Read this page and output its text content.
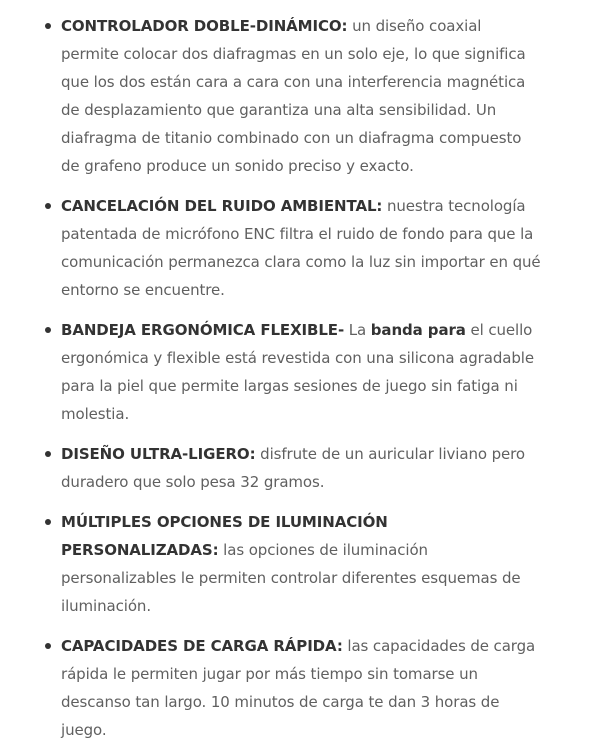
CONTROLADOR DOBLE-DINÁMICO: un diseño coaxial permite colocar dos diafragmas en un solo eje, lo que significa que los dos están cara a cara con una interferencia magnética de desplazamiento que garantiza una alta sensibilidad. Un diafragma de titanio combinado con un diafragma compuesto de grafeno produce un sonido preciso y exacto.
CANCELACIÓN DEL RUIDO AMBIENTAL: nuestra tecnología patentada de micrófono ENC filtra el ruido de fondo para que la comunicación permanezca clara como la luz sin importar en qué entorno se encuentre.
BANDEJA ERGONÓMICA FLEXIBLE- La banda para el cuello ergonómica y flexible está revestida con una silicona agradable para la piel que permite largas sesiones de juego sin fatiga ni molestia.
DISEÑO ULTRA-LIGERO: disfrute de un auricular liviano pero duradero que solo pesa 32 gramos.
MÚLTIPLES OPCIONES DE ILUMINACIÓN PERSONALIZADAS: las opciones de iluminación personalizables le permiten controlar diferentes esquemas de iluminación.
CAPACIDADES DE CARGA RÁPIDA: las capacidades de carga rápida le permiten jugar por más tiempo sin tomarse un descanso tan largo. 10 minutos de carga te dan 3 horas de juego.
